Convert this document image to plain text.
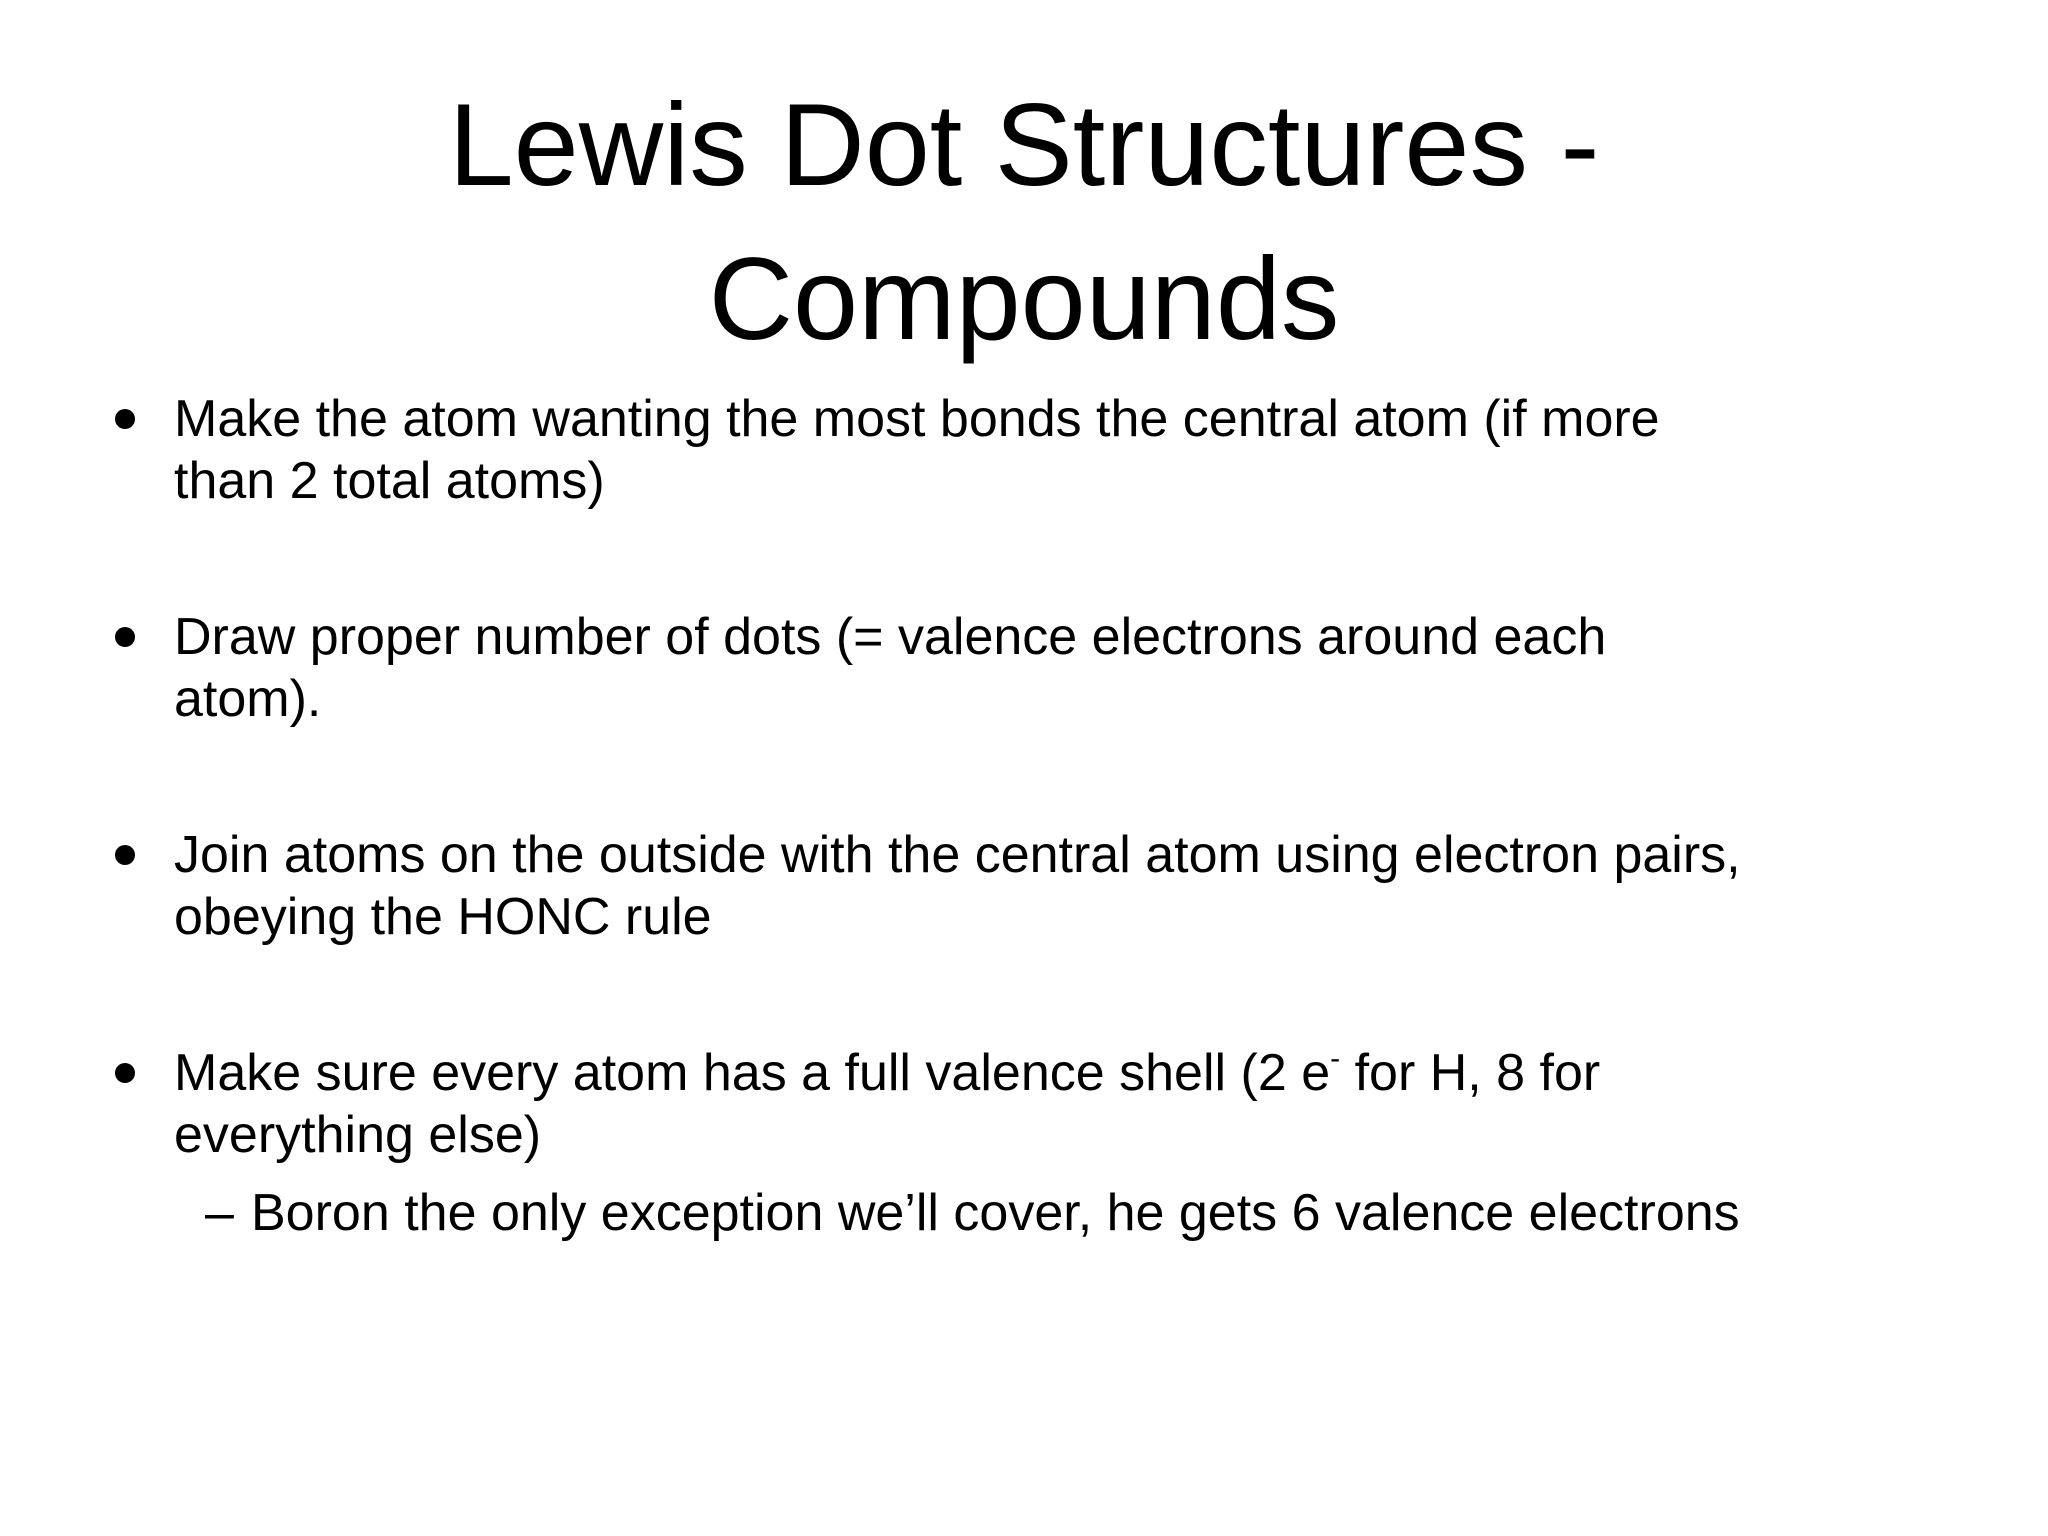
Lewis Dot Structures -
Compounds
Make the atom wanting the most bonds the central atom (if more
than 2 total atoms)
Draw proper number of dots (= valence electrons around each
atom).
Join atoms on the outside with the central atom using electron pairs,
obeying the HONC rule
Make sure every atom has a full valence shell (2 e- for H, 8 for
everything else)
– Boron the only exception we’ll cover, he gets 6 valence electrons
